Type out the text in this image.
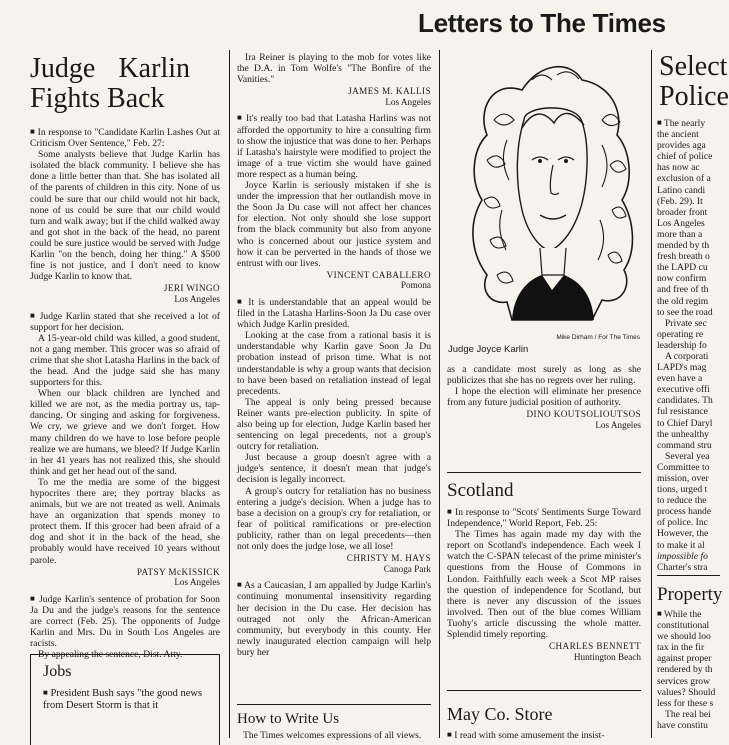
Letters to The Times
Judge Karlin Fights Back

■ In response to "Candidate Karlin Lashes Out at Criticism Over Sentence," Feb. 27:

Some analysts believe that Judge Karlin has isolated the black community. I believe she has done a little better than that. She has isolated all of the parents of children in this city. None of us could be sure that our child would not hit back, none of us could be sure that our child would turn and walk away; but if the child walked away and got shot in the back of the head, no parent could be sure justice would be served with Judge Karlin "on the bench, doing her thing." A $500 fine is not justice, and I don't need to know Judge Karlin to know that.

JERI WINGO
Los Angeles

■ Judge Karlin stated that she received a lot of support for her decision.

A 15-year-old child was killed, a good student, not a gang member. This grocer was so afraid of crime that she shot Latasha Harlins in the back of the head. And the judge said she has many supporters for this.

When our black children are lynched and killed we are not, as the media portray us, tap-dancing. Or singing and asking for forgiveness. We cry, we grieve and we don't forget. How many children do we have to lose before people realize we are humans, we bleed? If Judge Karlin in her 41 years has not realized this, she should think and get her head out of the sand.

To me the media are some of the biggest hypocrites there are; they portray blacks as animals, but we are not treated as well. Animals have an organization that spends money to protect them. If this grocer had been afraid of a dog and shot it in the back of the head, she probably would have received 10 years without parole.

PATSY McKISSICK
Los Angeles

■ Judge Karlin's sentence of probation for Soon Ja Du and the judge's reasons for the sentence are correct (Feb. 25). The opponents of Judge Karlin and Mrs. Du in South Los Angeles are racists.

By appealing the sentence, Dist. Atty.

Jobs
■ President Bush says "the good news from Desert Storm is that it

Ira Reiner is playing to the mob for votes like the D.A. in Tom Wolfe's "The Bonfire of the Vanities."

JAMES M. KALLIS
Los Angeles

■ It's really too bad that Latasha Harlins was not afforded the opportunity to hire a consulting firm to show the injustice that was done to her. Perhaps if Latasha's hairstyle were modified to project the image of a true victim she would have gained more respect as a human being.

Joyce Karlin is seriously mistaken if she is under the impression that her outlandish move in the Soon Ja Du case will not affect her chances for election. Not only should she lose support from the black community but also from anyone who is concerned about our justice system and how it can be perverted in the hands of those we entrust with our lives.

VINCENT CABALLERO
Pomona

■ It is understandable that an appeal would be filed in the Latasha Harlins-Soon Ja Du case over which Judge Karlin presided.

Looking at the case from a rational basis it is understandable why Karlin gave Soon Ja Du probation instead of prison time. What is not understandable is why a group wants that decision to have been based on retaliation instead of legal precedents.

The appeal is only being pressed because Reiner wants pre-election publicity. In spite of also being up for election, Judge Karlin based her sentencing on legal precedents, not a group's outcry for retaliation.

Just because a group doesn't agree with a judge's sentence, it doesn't mean that judge's decision is legally incorrect.

A group's outcry for retaliation has no business entering a judge's decision. When a judge has to base a decision on a group's cry for retaliation, or fear of political ramifications or pre-election publicity, rather than on legal precedents—then not only does the judge lose, we all lose!

CHRISTY M. HAYS
Canoga Park

■ As a Caucasian, I am appalled by Judge Karlin's continuing monumental insensitivity regarding her decision in the Du case. Her decision has outraged not only the African-American community, but everybody in this county. Her newly inaugurated election campaign will help bury her

How to Write Us
The Times welcomes expressions of all views.
Mike Dirham / For The Times
Judge Joyce Karlin

as a candidate most surely as long as she publicizes that she has no regrets over her ruling.

I hope the election will eliminate her presence from any future judicial position of authority.

DINO KOUTSOLIOUTSOS
Los Angeles
Scotland

■ In response to "Scots' Sentiments Surge Toward Independence," World Report, Feb. 25:

The Times has again made my day with the report on Scotland's independence. Each week I watch the C-SPAN telecast of the prime minister's questions from the House of Commons in London. Faithfully each week a Scot MP raises the question of independence for Scotland, but there is never any discussion of the issues involved. Then out of the blue comes William Tuohy's article discussing the whole matter. Splendid timely reporting.

CHARLES BENNETT
Huntington Beach
May Co. Store
■ I read with some amusement the insist-
Select
Police
■ The nearly
the ancient
provides aga
chief of police
has now ac
exclusion of a
Latino candi
(Feb. 29). It
broader front
Los Angeles
more than a
mended by th
fresh breath o
the LAPD cu
now confirm
and free of th
the old regim
to see the road
Private sec
operating re
leadership fo
A corporati
LAPD's mag
even have a
executive offi
candidates. Th
ful resistance
to Chief Daryl
the unhealthy
command stru
Several yea
Committee to
mission, over
tions, urged t
to reduce the
process hande
of police. Inc
However, the
to make it al
impossible fo
Charter's stra
Property
■ While the
constitutional
we should loo
tax in the fir
against proper
rendered by th
services grow
values? Should
less for these s
The real bei
have constitu
